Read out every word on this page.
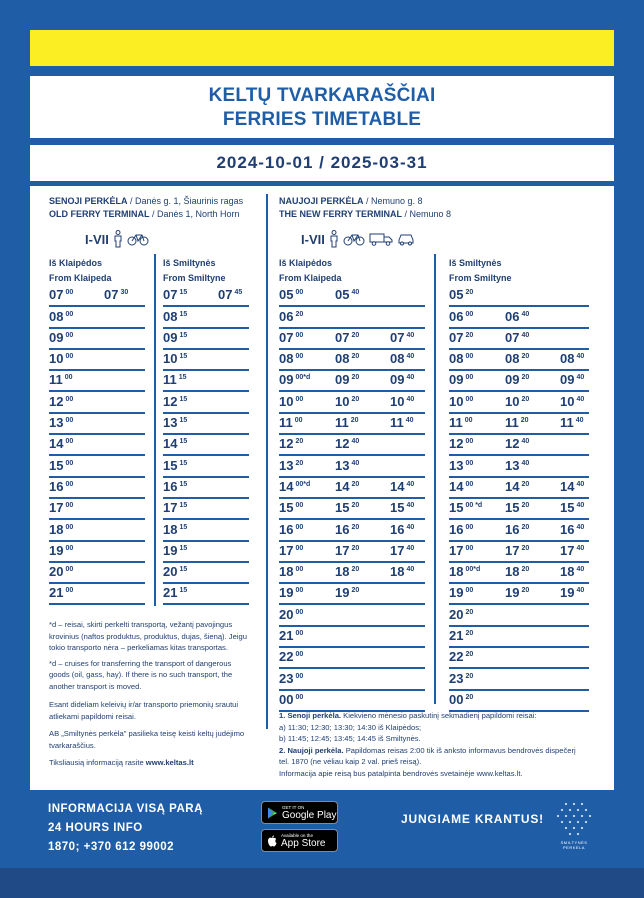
KELTŲ TVARKARAŠČIAI
FERRIES TIMETABLE
2024-10-01 / 2025-03-31
SENOJI PERKĖLA / Danės g. 1, Šiaurinis ragas
OLD FERRY TERMINAL / Danės 1, North Horn
I-VII
Iš Klaipėdos
From Klaipeda
Iš Smiltynės
From Smiltyne
07 $^{00}$ 07 $^{30}$
08 $^{00}$
09 $^{00}$
10 $^{00}$
11 $^{00}$
12 $^{00}$
13 $^{00}$
14 $^{00}$
15 $^{00}$
16 $^{00}$
17 $^{00}$
18 $^{00}$
19 $^{00}$
20 $^{00}$
21 $^{00}$
07 $^{15}$ 07 $^{45}$
08 $^{15}$
09 $^{15}$
10 $^{15}$
11 $^{15}$
12 $^{15}$
13 $^{15}$
14 $^{15}$
15 $^{15}$
16 $^{15}$
17 $^{15}$
18 $^{15}$
19 $^{15}$
20 $^{15}$
21 $^{15}$
NAUJOJI PERKĖLA / Nemuno g. 8
THE NEW FERRY TERMINAL / Nemuno 8
I-VII
Iš Klaipėdos
From Klaipeda
Iš Smiltynės
From Smiltyne
05 $^{00}$ 05 $^{40}$
06 $^{20}$
07 $^{00}$ 07 $^{20}$ 07 $^{40}$
08 $^{00}$ 08 $^{20}$ 08 $^{40}$
09 $^{00*d}$ 09 $^{20}$ 09 $^{40}$
10 $^{00}$ 10 $^{20}$ 10 $^{40}$
11 $^{00}$ 11 $^{20}$ 11 $^{40}$
12 $^{20}$ 12 $^{40}$
13 $^{20}$ 13 $^{40}$
14 $^{00*d}$ 14 $^{20}$ 14 $^{40}$
15 $^{00}$ 15 $^{20}$ 15 $^{40}$
16 $^{00}$ 16 $^{20}$ 16 $^{40}$
17 $^{00}$ 17 $^{20}$ 17 $^{40}$
18 $^{00}$ 18 $^{20}$ 18 $^{40}$
19 $^{00}$ 19 $^{20}$
20 $^{00}$
21 $^{00}$
22 $^{00}$
23 $^{00}$
00 $^{00}$
05 $^{20}$
06 $^{00}$ 06 $^{40}$
07 $^{20}$ 07 $^{40}$
08 $^{00}$ 08 $^{20}$ 08 $^{40}$
09 $^{00}$ 09 $^{20}$ 09 $^{40}$
10 $^{00}$ 10 $^{20}$ 10 $^{40}$
11 $^{00}$ 11 $^{20}$ 11 $^{40}$
12 $^{00}$ 12 $^{40}$
13 $^{00}$ 13 $^{40}$
14 $^{00}$ 14 $^{20}$ 14 $^{40}$
15 $^{00 *d}$ 15 $^{20}$ 15 $^{40}$
16 $^{00}$ 16 $^{20}$ 16 $^{40}$
17 $^{00}$ 17 $^{20}$ 17 $^{40}$
18 $^{00*d}$ 18 $^{20}$ 18 $^{40}$
19 $^{00}$ 19 $^{20}$ 19 $^{40}$
20 $^{20}$
21 $^{20}$
22 $^{20}$
23 $^{20}$
00 $^{20}$

*d – reisai, skirti perkelti transportą, vežantį pavojingus krovinius (naftos produktus, produktus, dujas, šieną). Jeigu tokio transporto nėra – perkeliamas kitas transportas.

*d – cruises for transferring the transport of dangerous goods (oil, gass, hay). If there is no such transport, the another transport is moved.

Esant dideliam keleivių ir/ar transporto priemonių srautui atliekami papildomi reisai.

AB „Smiltynės perkėla" pasilieka teisę keisti keltų judėjimo tvarkaraščius.

Tiksliausią informaciją rasite www.keltas.lt

1. Senoji perkėla. Kiekvieno mėnesio paskutinį sekmadienį papildomi reisai:

a) 11:30; 12:30; 13:30; 14:30 iš Klaipėdos;

b) 11:45; 12:45; 13:45; 14:45 iš Smiltynės.

2. Naujoji perkėla. Papildomas reisas 2:00 tik iš anksto informavus bendrovės dispečerį tel. 1870 (ne vėliau kaip 2 val. prieš reisą).

Informacija apie reisą bus patalpinta bendrovės svetainėje www.keltas.lt.

INFORMACIJA VISĄ PARĄ
24 HOURS INFO
1870; +370 612 99002
GET IT ON
Google Play
Available on the
App Store
JUNGIAME KRANTUS!
SMILTYNĖS
PERKĖLA
